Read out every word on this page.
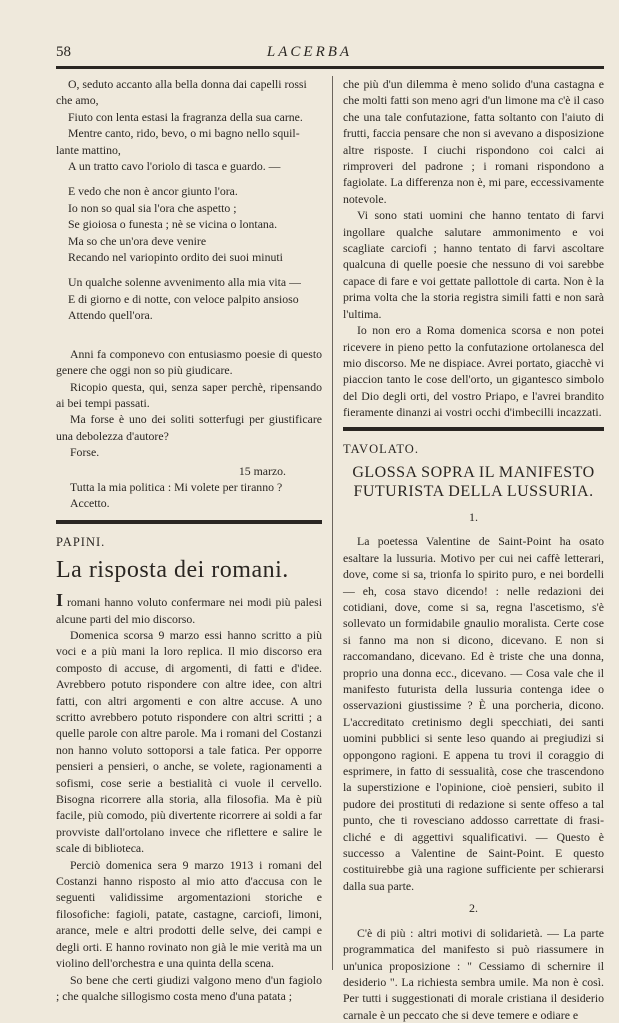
58	LACERBA

O, seduto accanto alla bella donna dai capelli rossi

che amo,

Fiuto con lenta estasi la fragranza della sua carne.

Mentre canto, rido, bevo, o mi bagno nello squil-

lante mattino,

A un tratto cavo l'oriolo di tasca e guardo. —

E vedo che non è ancor giunto l'ora.

Io non so qual sia l'ora che aspetto ;

Se gioiosa o funesta ; nè se vicina o lontana.

Ma so che un'ora deve venire

Recando nel variopinto ordito dei suoi minuti

Un qualche solenne avvenimento alla mia vita —

E di giorno e di notte, con veloce palpito ansioso

Attendo quell'ora.

Anni fa componevo con entusiasmo poesie di questo genere che oggi non so più giudicare.

Ricopio questa, qui, senza saper perchè, ripensando ai bei tempi passati.

Ma forse è uno dei soliti sotterfugi per giustificare una debolezza d'autore?

Forse.

15 marzo.

Tutta la mia politica : Mi volete per tiranno ?

Accetto.

PAPINI.

La risposta dei romani.

I romani hanno voluto confermare nei modi più palesi alcune parti del mio discorso.

Domenica scorsa 9 marzo essi hanno scritto a più voci e a più mani la loro replica. Il mio discorso era composto di accuse, di argomenti, di fatti e d'idee. Avrebbero potuto rispondere con altre idee, con altri fatti, con altri argomenti e con altre accuse. A uno scritto avrebbero potuto rispondere con altri scritti ; a quelle parole con altre parole. Ma i romani del Costanzi non hanno voluto sottoporsi a tale fatica. Per opporre pensieri a pensieri, o anche, se volete, ragionamenti a sofismi, cose serie a bestialità ci vuole il cervello. Bisogna ricorrere alla storia, alla filosofia. Ma è più facile, più comodo, più divertente ricorrere ai soldi a far provviste dall'ortolano invece che riflettere e salire le scale di biblioteca.

Perciò domenica sera 9 marzo 1913 i romani del Costanzi hanno risposto al mio atto d'accusa con le seguenti validissime argomentazioni storiche e filosofiche: fagioli, patate, castagne, carciofi, limoni, arance, mele e altri prodotti delle selve, dei campi e degli orti. E hanno rovinato non già le mie verità ma un violino dell'orchestra e una quinta della scena.

So bene che certi giudizi valgono meno d'un fagiolo ; che qualche sillogismo costa meno d'una patata ;

che più d'un dilemma è meno solido d'una castagna e che molti fatti son meno agri d'un limone ma c'è il caso che una tale confutazione, fatta soltanto con l'aiuto di frutti, faccia pensare che non si avevano a disposizione altre risposte. I ciuchi rispondono coi calci ai rimproveri del padrone ; i romani rispondono a fagiolate. La differenza non è, mi pare, eccessivamente notevole.

Vi sono stati uomini che hanno tentato di farvi ingollare qualche salutare ammonimento e voi scagliate carciofi ; hanno tentato di farvi ascoltare qualcuna di quelle poesie che nessuno di voi sarebbe capace di fare e voi gettate pallottole di carta. Non è la prima volta che la storia registra simili fatti e non sarà l'ultima.

Io non ero a Roma domenica scorsa e non potei ricevere in pieno petto la confutazione ortolanesca del mio discorso. Me ne dispiace. Avrei portato, giacchè vi piaccion tanto le cose dell'orto, un gigantesco simbolo del Dio degli orti, del vostro Priapo, e l'avrei brandito fieramente dinanzi ai vostri occhi d'imbecilli incazzati.

TAVOLATO.

GLOSSA SOPRA IL MANIFESTO
FUTURISTA DELLA LUSSURIA.

1.

La poetessa Valentine de Saint-Point ha osato esaltare la lussuria. Motivo per cui nei caffè letterari, dove, come si sa, trionfa lo spirito puro, e nei bordelli — eh, cosa stavo dicendo! : nelle redazioni dei cotidiani, dove, come si sa, regna l'ascetismo, s'è sollevato un formidabile gnaulio moralista. Certe cose si fanno ma non si dicono, dicevano. E non si raccomandano, dicevano. Ed è triste che una donna, proprio una donna ecc., dicevano. — Cosa vale che il manifesto futurista della lussuria contenga idee o osservazioni giustissime ? È una porcheria, dicono. L'accreditato cretinismo degli specchiati, dei santi uomini pubblici si sente leso quando ai pregiudizi si oppongono ragioni. E appena tu trovi il coraggio di esprimere, in fatto di sessualità, cose che trascendono la superstizione e l'opinione, cioè pensieri, subito il pudore dei prostituti di redazione si sente offeso a tal punto, che ti rovesciano addosso carrettate di frasi-cliché e di aggettivi squalificativi. — Questo è successo a Valentine de Saint-Point. E questo costituirebbe già una ragione sufficiente per schierarsi dalla sua parte.

2.

C'è di più : altri motivi di solidarietà. — La parte programmatica del manifesto si può riassumere in un'unica proposizione : " Cessiamo di schernire il desiderio ". La richiesta sembra umile. Ma non è così. Per tutti i suggestionati di morale cristiana il desiderio carnale è un peccato che si deve temere e odiare e
